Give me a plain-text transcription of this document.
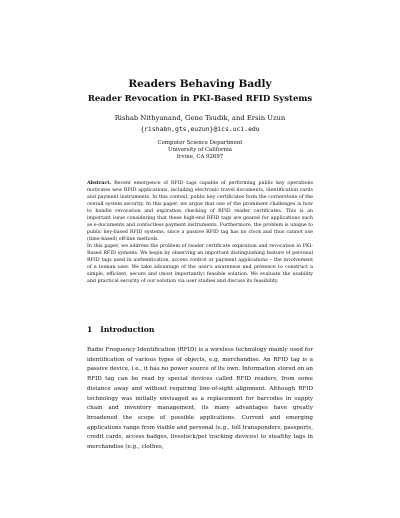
Readers Behaving Badly
Reader Revocation in PKI-Based RFID Systems
Rishab Nithyanand, Gene Tsudik, and Ersin Uzun
{rishabn,gts,euzun}@ics.uci.edu
Computer Science Department
University of California
Irvine, CA 92697

Abstract. Recent emergence of RFID tags capable of performing public key operations motivates new RFID applications, including electronic travel documents, identification cards and payment instruments. In this context, public key certificates form the cornerstone of the overall system security. In this paper, we argue that one of the prominent challenges is how to handle revocation and expiration checking of RFID reader certificates. This is an important issue considering that these high-end RFID tags are geared for applications such as e-documents and contactless payment instruments. Furthermore, the problem is unique to public key-based RFID systems, since a passive RFID tag has no clock and thus cannot use (time-based) off-line methods.

In this paper, we address the problem of reader certificate expiration and revocation in PKI-Based RFID systems. We begin by observing an important distinguishing feature of personal RFID tags used in authentication, access control or payment applications – the involvement of a human user. We take advantage of the user's awareness and presence to construct a simple, efficient, secure and (most importantly) feasible solution. We evaluate the usability and practical security of our solution via user studies and discuss its feasibility.

1 Introduction

Radio Frequency Identification (RFID) is a wireless technology mainly used for identification of various types of objects, e.g, merchandise. An RFID tag is a passive device, i.e., it has no power source of its own. Information stored on an RFID tag can be read by special devices called RFID readers, from some distance away and without requiring line-of-sight alignment. Although RFID technology was initially envisaged as a replacement for barcodes in supply chain and inventory management, its many advantages have greatly broadened the scope of possible applications. Current and emerging applications range from visible and personal (e.g., toll transponders, passports, credit cards, access badges, livestock/pet tracking devices) to stealthy tags in merchandise (e.g., clothes,
